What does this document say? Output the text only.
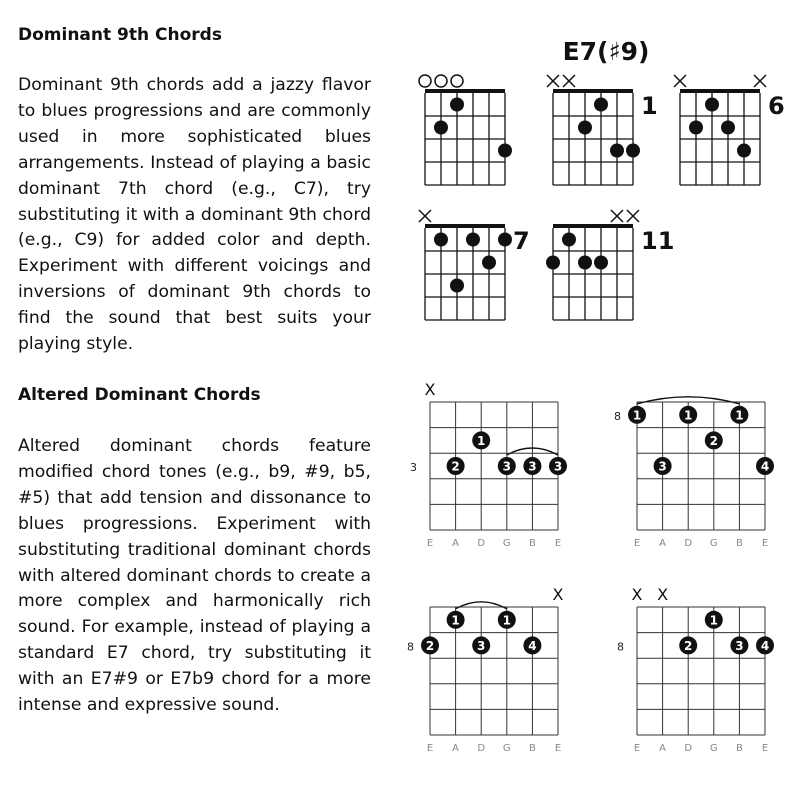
Dominant 9th Chords

Dominant 9th chords add a jazzy flavor to blues progressions and are commonly used in more sophisticated blues arrangements. Instead of playing a basic dominant 7th chord (e.g., C7), try substituting it with a dominant 9th chord (e.g., C9) for added color and depth. Experiment with different voicings and inversions of dominant 9th chords to find the sound that best suits your playing style.

Altered Dominant Chords

Altered dominant chords feature modified chord tones (e.g., b9, #9, b5, #5) that add tension and dissonance to blues progressions. Experiment with substituting traditional dominant chords with altered dominant chords to create a more complex and harmonically rich sound. For example, instead of playing a standard E7 chord, try substituting it with an E7#9 or E7b9 chord for a more intense and expressive sound.

E7(♯9)
1	6
7	11
X
3	2
1
3 3 3
E A D G B E
8 1	1	1
2
3	4
E A D G B E
X
8
1	1
2	3	4
E A D G B E
X X
8
1
2	3 4
E A D G B E
